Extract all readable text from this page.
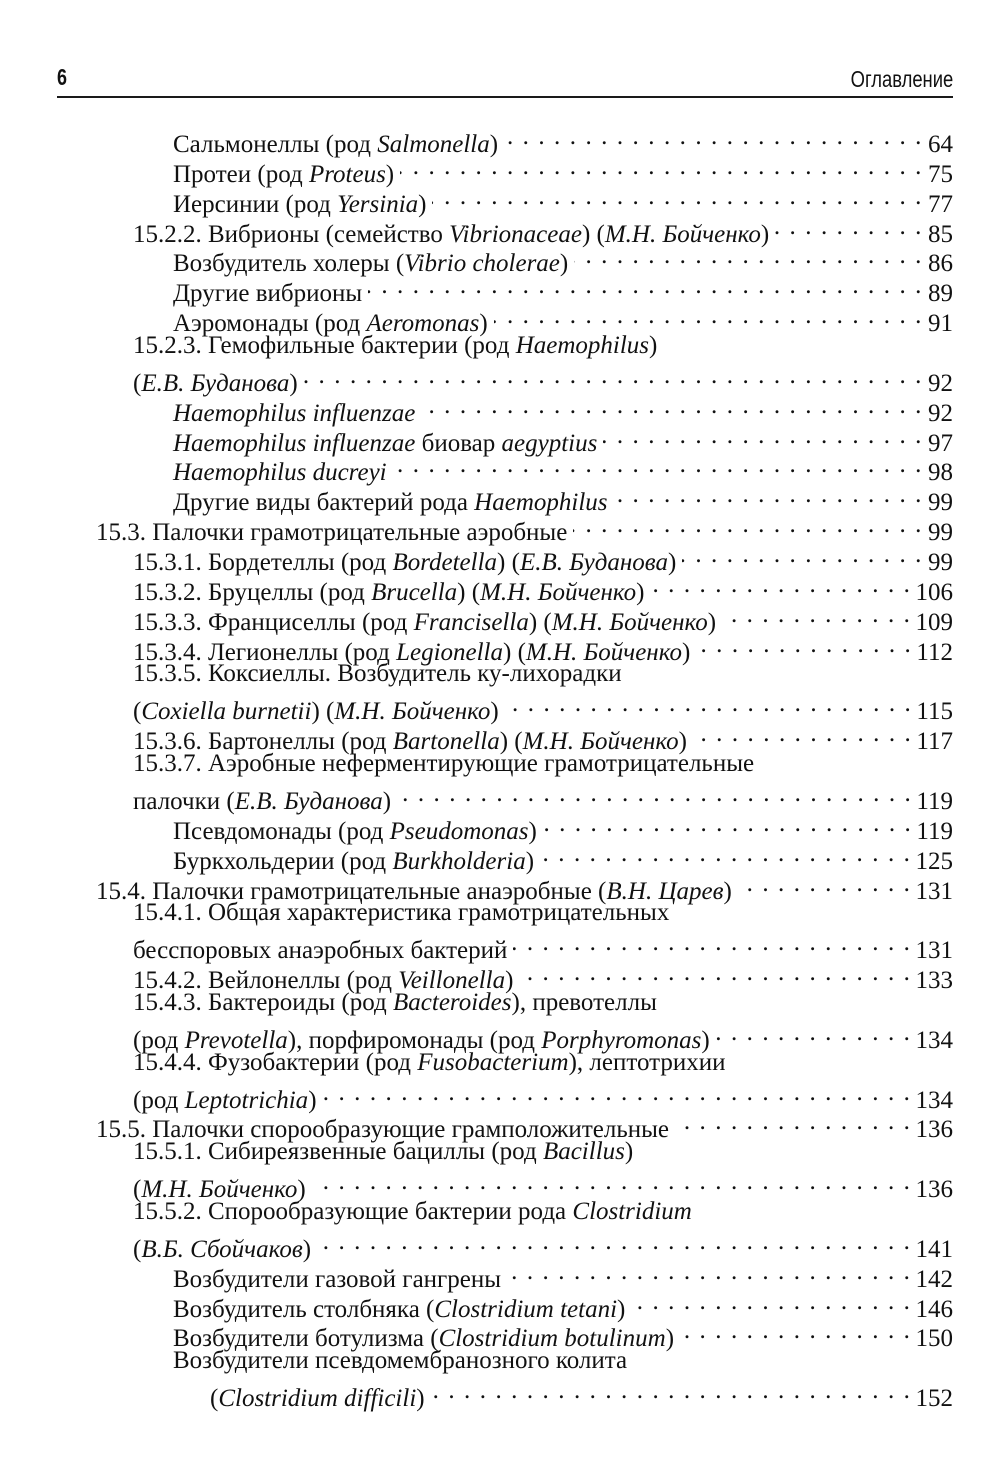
6	Оглавление
Сальмонеллы (род Salmonella) . . .	64
Протеи (род Proteus) . . .	75
Иерсинии (род Yersinia) . . .	77
15.2.2. Вибрионы (семейство Vibrionaceae) (М.Н. Бойченко) . . .	85
Возбудитель холеры (Vibrio cholerae) . . .	86
Другие вибрионы . . .	89
Аэромонады (род Aeromonas) . . .	91
15.2.3. Гемофильные бактерии (род Haemophilus)
(Е.В. Буданова) . . .	92
Haemophilus influenzae . . .	92
Haemophilus influenzae биовар aegyptius . . .	97
Haemophilus ducreyi . . .	98
Другие виды бактерий рода Haemophilus . . .	99
15.3. Палочки грамотрицательные аэробные . . .	99
15.3.1. Бордетеллы (род Bordetella) (Е.В. Буданова) . . .	99
15.3.2. Бруцеллы (род Brucella) (М.Н. Бойченко) . . .	106
15.3.3. Франциселлы (род Francisella) (М.Н. Бойченко) . . .	109
15.3.4. Легионеллы (род Legionella) (М.Н. Бойченко) . . .	112
15.3.5. Коксиеллы. Возбудитель ку-лихорадки
(Coxiella burnetii) (М.Н. Бойченко) . . .	115
15.3.6. Бартонеллы (род Bartonella) (М.Н. Бойченко) . . .	117
15.3.7. Аэробные неферментирующие грамотрицательные
палочки (Е.В. Буданова) . . .	119
Псевдомонады (род Pseudomonas) . . .	119
Буркхольдерии (род Burkholderia) . . .	125
15.4. Палочки грамотрицательные анаэробные (В.Н. Царев) . . .	131
15.4.1. Общая характеристика грамотрицательных
бесспоровых анаэробных бактерий . . .	131
15.4.2. Вейлонеллы (род Veillonella) . . .	133
15.4.3. Бактероиды (род Bacteroides), превотеллы
(род Prevotella), порфиромонады (род Porphyromonas) . . .	134
15.4.4. Фузобактерии (род Fusobacterium), лептотрихии
(род Leptotrichia) . . .	134
15.5. Палочки спорообразующие грамположительные . . .	136
15.5.1. Сибиреязвенные бациллы (род Bacillus)
(М.Н. Бойченко) . . .	136
15.5.2. Спорообразующие бактерии рода Clostridium
(В.Б. Сбойчаков) . . .	141
Возбудители газовой гангрены . . .	142
Возбудитель столбняка (Clostridium tetani) . . .	146
Возбудители ботулизма (Clostridium botulinum) . . .	150
Возбудители псевдомембранозного колита
(Clostridium difficili) . . .	152
